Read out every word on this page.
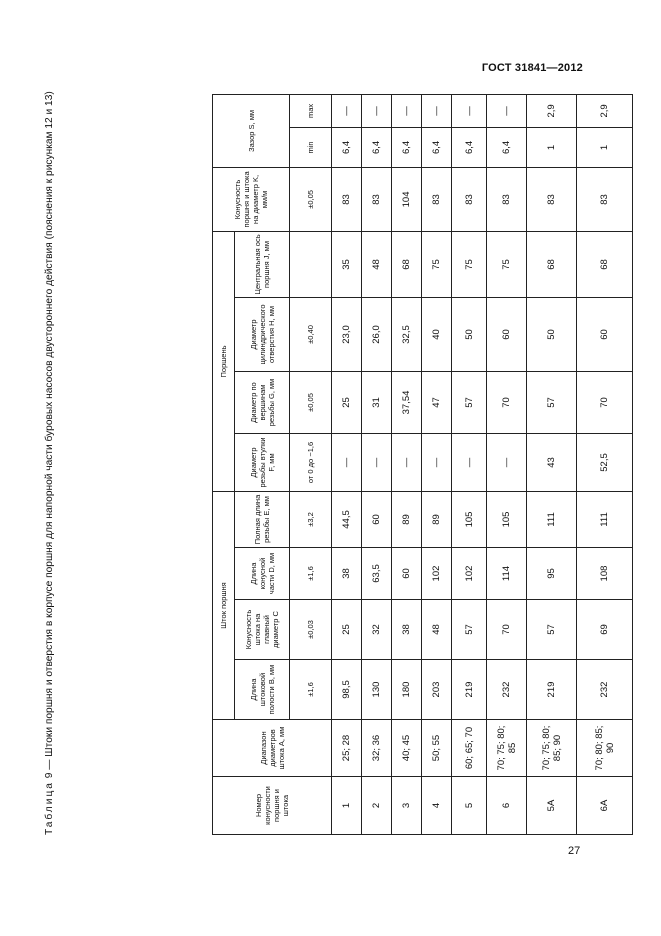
ГОСТ 31841—2012
Таблица 9 — Штоки поршня и отверстия в корпусе поршня для напорной части буровых насосов двустороннего действия (пояснения к рисункам 12 и 13)
Номер конусности поршня и штока	Диапазон диаметров штока A, мм	Шток поршня				Поршень				Конусность поршня и штока на диаметр K, мм/м	Зазор S, мм	
		Длина штоковой полости B, мм	Конусность штока на главный диаметр C	Длина конусной части D, мм	Полная длина резьбы E, мм	Диаметр резьбы втулки F, мм	Диаметр по вершинам резьбы G, мм	Диаметр цилиндрического отверстия H, мм	Центральная ось поршня J, мм			
		±1,6	±0,03	±1,6	±3,2	от 0 до −1,6	±0,05	±0,40		±0,05	min	max
1	25; 28	98,5	25	38	44,5	—	25	23,0	35	83	6,4	—
2	32; 36	130	32	63,5	60	—	31	26,0	48	83	6,4	—
3	40; 45	180	38	60	89	—	37,54	32,5	68	104	6,4	—
4	50; 55	203	48	102	89	—	47	40	75	83	6,4	—
5	60; 65; 70	219	57	102	105	—	57	50	75	83	6,4	—
6	70; 75; 80; 85	232	70	114	105	—	70	60	75	83	6,4	—
5A	70; 75; 80; 85; 90	219	57	95	111	43	57	50	68	83	1	2,9
6A	70; 80; 85; 90	232	69	108	111	52,5	70	60	68	83	1	2,9
27
